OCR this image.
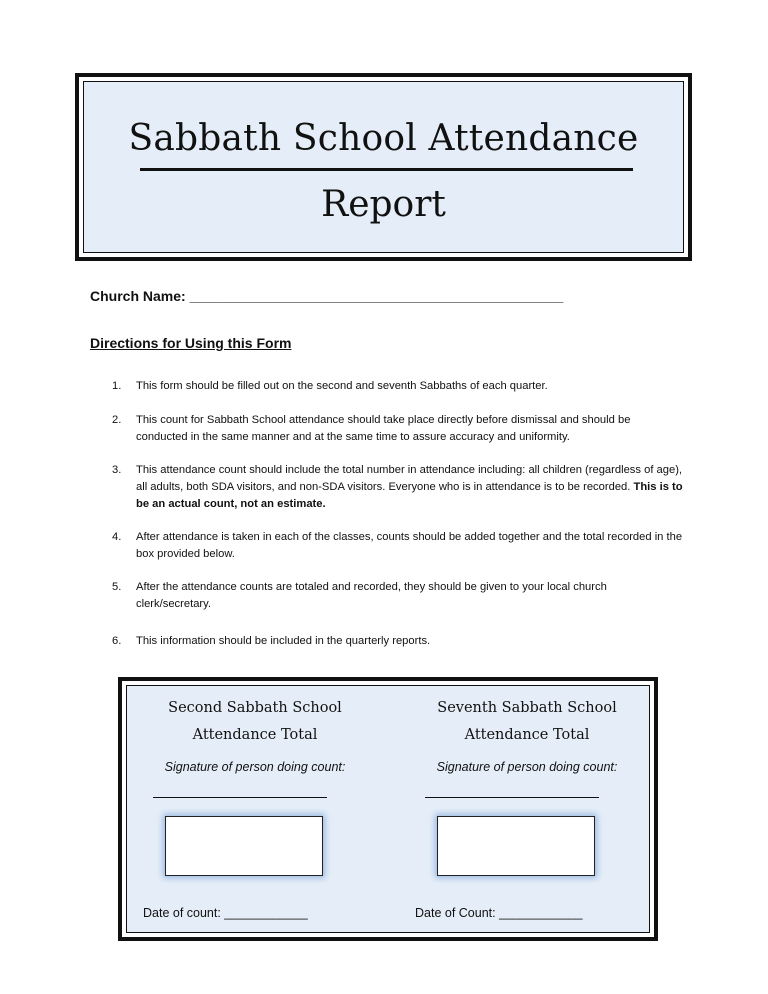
Sabbath School Attendance
Report
Church Name: ________________________________________________
Directions for Using this Form
1. This form should be filled out on the second and seventh Sabbaths of each quarter.
2. This count for Sabbath School attendance should take place directly before dismissal and should be conducted in the same manner and at the same time to assure accuracy and uniformity.
3. This attendance count should include the total number in attendance including: all children (regardless of age), all adults, both SDA visitors, and non-SDA visitors. Everyone who is in attendance is to be recorded. This is to be an actual count, not an estimate.
4. After attendance is taken in each of the classes, counts should be added together and the total recorded in the box provided below.
5. After the attendance counts are totaled and recorded, they should be given to your local church clerk/secretary.
6. This information should be included in the quarterly reports.
Second Sabbath School
Attendance Total
Signature of person doing count:
Date of count: ____________
Seventh Sabbath School
Attendance Total
Signature of person doing count:
Date of Count: ____________
